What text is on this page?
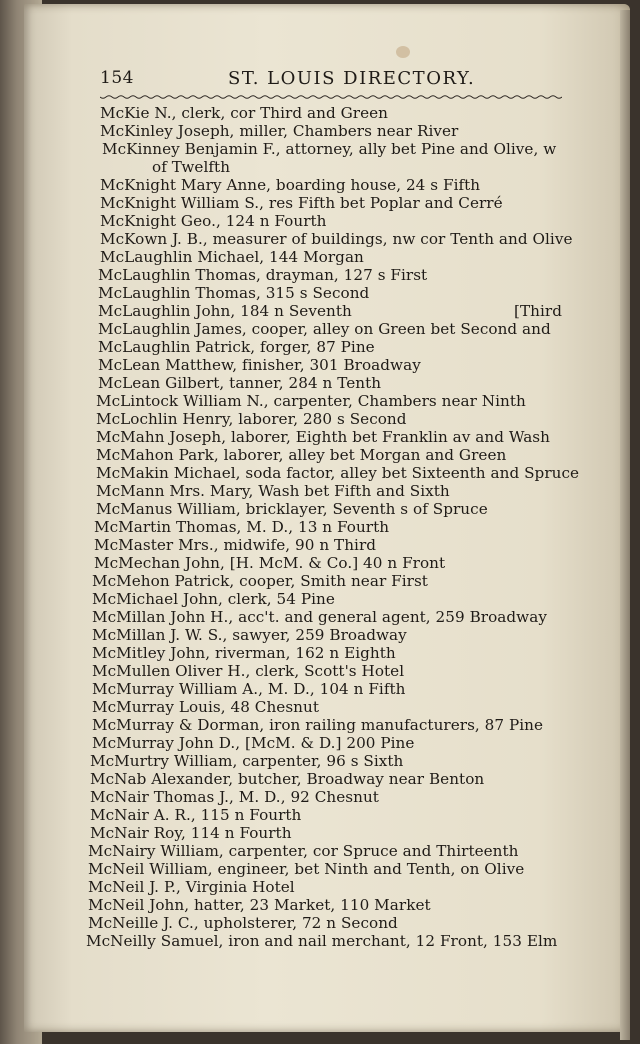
154	ST. LOUIS DIRECTORY.
McKie N., clerk, cor Third and Green
McKinley Joseph, miller, Chambers near River
McKinney Benjamin F., attorney, ally bet Pine and Olive, w
of Twelfth
McKnight Mary Anne, boarding house, 24 s Fifth
McKnight William S., res Fifth bet Poplar and Cerré
McKnight Geo., 124 n Fourth
McKown J. B., measurer of buildings, nw cor Tenth and Olive
McLaughlin Michael, 144 Morgan
McLaughlin Thomas, drayman, 127 s First
McLaughlin Thomas, 315 s Second
McLaughlin John, 184 n Seventh	[Third
McLaughlin James, cooper, alley on Green bet Second and
McLaughlin Patrick, forger, 87 Pine
McLean Matthew, finisher, 301 Broadway
McLean Gilbert, tanner, 284 n Tenth
McLintock William N., carpenter, Chambers near Ninth
McLochlin Henry, laborer, 280 s Second
McMahn Joseph, laborer, Eighth bet Franklin av and Wash
McMahon Park, laborer, alley bet Morgan and Green
McMakin Michael, soda factor, alley bet Sixteenth and Spruce
McMann Mrs. Mary, Wash bet Fifth and Sixth
McManus William, bricklayer, Seventh s of Spruce
McMartin Thomas, M. D., 13 n Fourth
McMaster Mrs., midwife, 90 n Third
McMechan John, [H. McM. & Co.] 40 n Front
McMehon Patrick, cooper, Smith near First
McMichael John, clerk, 54 Pine
McMillan John H., acc't. and general agent, 259 Broadway
McMillan J. W. S., sawyer, 259 Broadway
McMitley John, riverman, 162 n Eighth
McMullen Oliver H., clerk, Scott's Hotel
McMurray William A., M. D., 104 n Fifth
McMurray Louis, 48 Chesnut
McMurray & Dorman, iron railing manufacturers, 87 Pine
McMurray John D., [McM. & D.] 200 Pine
McMurtry William, carpenter, 96 s Sixth
McNab Alexander, butcher, Broadway near Benton
McNair Thomas J., M. D., 92 Chesnut
McNair A. R., 115 n Fourth
McNair Roy, 114 n Fourth
McNairy William, carpenter, cor Spruce and Thirteenth
McNeil William, engineer, bet Ninth and Tenth, on Olive
McNeil J. P., Virginia Hotel
McNeil John, hatter, 23 Market, 110 Market
McNeille J. C., upholsterer, 72 n Second
McNeilly Samuel, iron and nail merchant, 12 Front, 153 Elm
